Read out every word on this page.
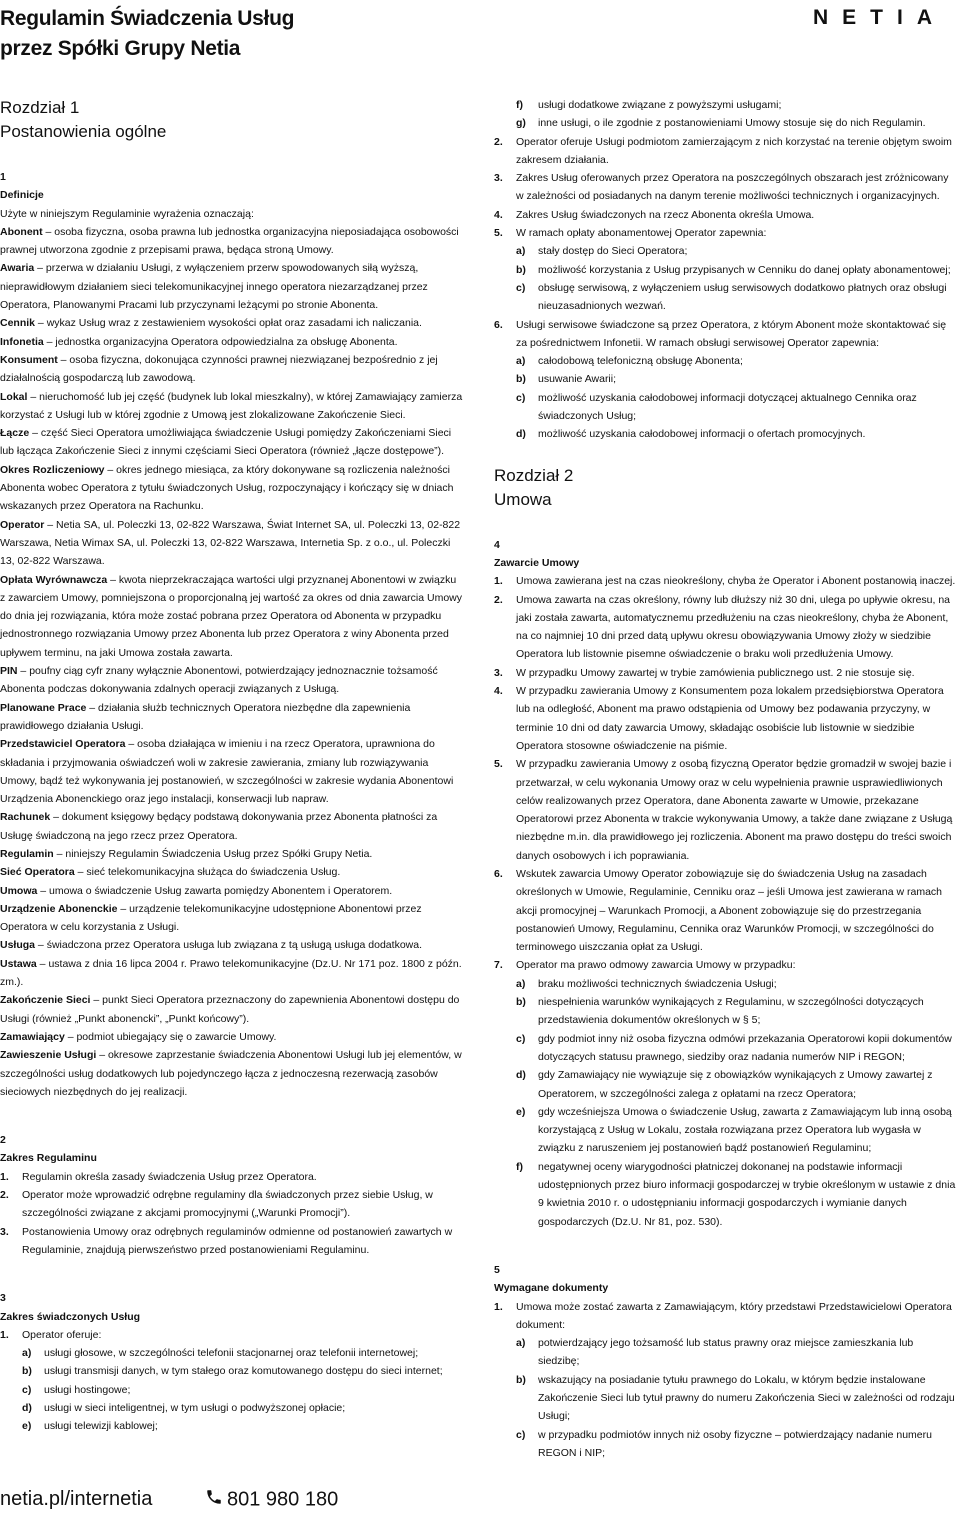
Regulamin Świadczenia Usług
przez Spółki Grupy Netia
NETIA
Rozdział 1
Postanowienia ogólne
1
Definicje
Użyte w niniejszym Regulaminie wyrażenia oznaczają:
Abonent – osoba fizyczna, osoba prawna lub jednostka organizacyjna nieposiadająca osobowości prawnej utworzona zgodnie z przepisami prawa, będąca stroną Umowy.
Awaria – przerwa w działaniu Usługi, z wyłączeniem przerw spowodowanych siłą wyższą, nieprawidłowym działaniem sieci telekomunikacyjnej innego operatora niezarządzanej przez Operatora, Planowanymi Pracami lub przyczynami leżącymi po stronie Abonenta.
Cennik – wykaz Usług wraz z zestawieniem wysokości opłat oraz zasadami ich naliczania.
Infonetia – jednostka organizacyjna Operatora odpowiedzialna za obsługę Abonenta.
Konsument – osoba fizyczna, dokonująca czynności prawnej niezwiązanej bezpośrednio z jej działalnością gospodarczą lub zawodową.
Lokal – nieruchomość lub jej część (budynek lub lokal mieszkalny), w której Zamawiający zamierza korzystać z Usługi lub w której zgodnie z Umową jest zlokalizowane Zakończenie Sieci.
Łącze – część Sieci Operatora umożliwiająca świadczenie Usługi pomiędzy Zakończeniami Sieci lub łącząca Zakończenie Sieci z innymi częściami Sieci Operatora (również „łącze dostępowe”).
Okres Rozliczeniowy – okres jednego miesiąca, za który dokonywane są rozliczenia należności Abonenta wobec Operatora z tytułu świadczonych Usług, rozpoczynający i kończący się w dniach wskazanych przez Operatora na Rachunku.
Operator – Netia SA, ul. Poleczki 13, 02-822 Warszawa, Świat Internet SA, ul. Poleczki 13, 02-822 Warszawa, Netia Wimax SA, ul. Poleczki 13, 02-822 Warszawa, Internetia Sp. z o.o., ul. Poleczki 13, 02-822 Warszawa.
Opłata Wyrównawcza – kwota nieprzekraczająca wartości ulgi przyznanej Abonentowi w związku z zawarciem Umowy, pomniejszona o proporcjonalną jej wartość za okres od dnia zawarcia Umowy do dnia jej rozwiązania, która może zostać pobrana przez Operatora od Abonenta w przypadku jednostronnego rozwiązania Umowy przez Abonenta lub przez Operatora z winy Abonenta przed upływem terminu, na jaki Umowa została zawarta.
PIN – poufny ciąg cyfr znany wyłącznie Abonentowi, potwierdzający jednoznacznie tożsamość Abonenta podczas dokonywania zdalnych operacji związanych z Usługą.
Planowane Prace – działania służb technicznych Operatora niezbędne dla zapewnienia prawidłowego działania Usługi.
Przedstawiciel Operatora – osoba działająca w imieniu i na rzecz Operatora, uprawniona do składania i przyjmowania oświadczeń woli w zakresie zawierania, zmiany lub rozwiązywania Umowy, bądź też wykonywania jej postanowień, w szczególności w zakresie wydania Abonentowi Urządzenia Abonenckiego oraz jego instalacji, konserwacji lub napraw.
Rachunek – dokument księgowy będący podstawą dokonywania przez Abonenta płatności za Usługę świadczoną na jego rzecz przez Operatora.
Regulamin – niniejszy Regulamin Świadczenia Usług przez Spółki Grupy Netia.
Sieć Operatora – sieć telekomunikacyjna służąca do świadczenia Usług.
Umowa – umowa o świadczenie Usług zawarta pomiędzy Abonentem i Operatorem.
Urządzenie Abonenckie – urządzenie telekomunikacyjne udostępnione Abonentowi przez Operatora w celu korzystania z Usługi.
Usługa – świadczona przez Operatora usługa lub związana z tą usługą usługa dodatkowa.
Ustawa – ustawa z dnia 16 lipca 2004 r. Prawo telekomunikacyjne (Dz.U. Nr 171 poz. 1800 z późn. zm.).
Zakończenie Sieci – punkt Sieci Operatora przeznaczony do zapewnienia Abonentowi dostępu do Usługi (również „Punkt abonencki”, „Punkt końcowy”).
Zamawiający – podmiot ubiegający się o zawarcie Umowy.
Zawieszenie Usługi – okresowe zaprzestanie świadczenia Abonentowi Usługi lub jej elementów, w szczególności usług dodatkowych lub pojedynczego łącza z jednoczesną rezerwacją zasobów sieciowych niezbędnych do jej realizacji.
2
Zakres Regulaminu
1. Regulamin określa zasady świadczenia Usług przez Operatora.
2. Operator może wprowadzić odrębne regulaminy dla świadczonych przez siebie Usług, w szczególności związane z akcjami promocyjnymi („Warunki Promocji”).
3. Postanowienia Umowy oraz odrębnych regulaminów odmienne od postanowień zawartych w Regulaminie, znajdują pierwszeństwo przed postanowieniami Regulaminu.
3
Zakres świadczonych Usług
1. Operator oferuje:
a) usługi głosowe, w szczególności telefonii stacjonarnej oraz telefonii internetowej;
b) usługi transmisji danych, w tym stałego oraz komutowanego dostępu do sieci internet;
c) usługi hostingowe;
d) usługi w sieci inteligentnej, w tym usługi o podwyższonej opłacie;
e) usługi telewizji kablowej;
f) usługi dodatkowe związane z powyższymi usługami;
g) inne usługi, o ile zgodnie z postanowieniami Umowy stosuje się do nich Regulamin.
2. Operator oferuje Usługi podmiotom zamierzającym z nich korzystać na terenie objętym swoim zakresem działania.
3. Zakres Usług oferowanych przez Operatora na poszczególnych obszarach jest zróżnicowany w zależności od posiadanych na danym terenie możliwości technicznych i organizacyjnych.
4. Zakres Usług świadczonych na rzecz Abonenta określa Umowa.
5. W ramach opłaty abonamentowej Operator zapewnia:
a) stały dostęp do Sieci Operatora;
b) możliwość korzystania z Usług przypisanych w Cenniku do danej opłaty abonamentowej;
c) obsługę serwisową, z wyłączeniem usług serwisowych dodatkowo płatnych oraz obsługi nieuzasadnionych wezwań.
6. Usługi serwisowe świadczone są przez Operatora, z którym Abonent może skontaktować się za pośrednictwem Infonetii. W ramach obsługi serwisowej Operator zapewnia:
a) całodobową telefoniczną obsługę Abonenta;
b) usuwanie Awarii;
c) możliwość uzyskania całodobowej informacji dotyczącej aktualnego Cennika oraz świadczonych Usług;
d) możliwość uzyskania całodobowej informacji o ofertach promocyjnych.
Rozdział 2
Umowa
4
Zawarcie Umowy
1. Umowa zawierana jest na czas nieokreślony, chyba że Operator i Abonent postanowią inaczej.
2. Umowa zawarta na czas określony, równy lub dłuższy niż 30 dni, ulega po upływie okresu, na jaki została zawarta, automatycznemu przedłużeniu na czas nieokreślony, chyba że Abonent, na co najmniej 10 dni przed datą upływu okresu obowiązywania Umowy złoży w siedzibie Operatora lub listownie pisemne oświadczenie o braku woli przedłużenia Umowy.
3. W przypadku Umowy zawartej w trybie zamówienia publicznego ust. 2 nie stosuje się.
4. W przypadku zawierania Umowy z Konsumentem poza lokalem przedsiębiorstwa Operatora lub na odległość, Abonent ma prawo odstąpienia od Umowy bez podawania przyczyny, w terminie 10 dni od daty zawarcia Umowy, składając osobiście lub listownie w siedzibie Operatora stosowne oświadczenie na piśmie.
5. W przypadku zawierania Umowy z osobą fizyczną Operator będzie gromadził w swojej bazie i przetwarzał, w celu wykonania Umowy oraz w celu wypełnienia prawnie usprawiedliwionych celów realizowanych przez Operatora, dane Abonenta zawarte w Umowie, przekazane Operatorowi przez Abonenta w trakcie wykonywania Umowy, a także dane związane z Usługą niezbędne m.in. dla prawidłowego jej rozliczenia. Abonent ma prawo dostępu do treści swoich danych osobowych i ich poprawiania.
6. Wskutek zawarcia Umowy Operator zobowiązuje się do świadczenia Usług na zasadach określonych w Umowie, Regulaminie, Cenniku oraz – jeśli Umowa jest zawierana w ramach akcji promocyjnej – Warunkach Promocji, a Abonent zobowiązuje się do przestrzegania postanowień Umowy, Regulaminu, Cennika oraz Warunków Promocji, w szczególności do terminowego uiszczania opłat za Usługi.
7. Operator ma prawo odmowy zawarcia Umowy w przypadku:
a) braku możliwości technicznych świadczenia Usługi;
b) niespełnienia warunków wynikających z Regulaminu, w szczególności dotyczących przedstawienia dokumentów określonych w § 5;
c) gdy podmiot inny niż osoba fizyczna odmówi przekazania Operatorowi kopii dokumentów dotyczących statusu prawnego, siedziby oraz nadania numerów NIP i REGON;
d) gdy Zamawiający nie wywiązuje się z obowiązków wynikających z Umowy zawartej z Operatorem, w szczególności zalega z opłatami na rzecz Operatora;
e) gdy wcześniejsza Umowa o świadczenie Usług, zawarta z Zamawiającym lub inną osobą korzystającą z Usług w Lokalu, została rozwiązana przez Operatora lub wygasła w związku z naruszeniem jej postanowień bądź postanowień Regulaminu;
f) negatywnej oceny wiarygodności płatniczej dokonanej na podstawie informacji udostępnionych przez biuro informacji gospodarczej w trybie określonym w ustawie z dnia 9 kwietnia 2010 r. o udostępnianiu informacji gospodarczych i wymianie danych gospodarczych (Dz.U. Nr 81, poz. 530).
5
Wymagane dokumenty
1. Umowa może zostać zawarta z Zamawiającym, który przedstawi Przedstawicielowi Operatora dokument:
a) potwierdzający jego tożsamość lub status prawny oraz miejsce zamieszkania lub siedzibę;
b) wskazujący na posiadanie tytułu prawnego do Lokalu, w którym będzie instalowane Zakończenie Sieci lub tytuł prawny do numeru Zakończenia Sieci w zależności od rodzaju Usługi;
c) w przypadku podmiotów innych niż osoby fizyczne – potwierdzający nadanie numeru REGON i NIP;
netia.pl/internetia	801 980 180
